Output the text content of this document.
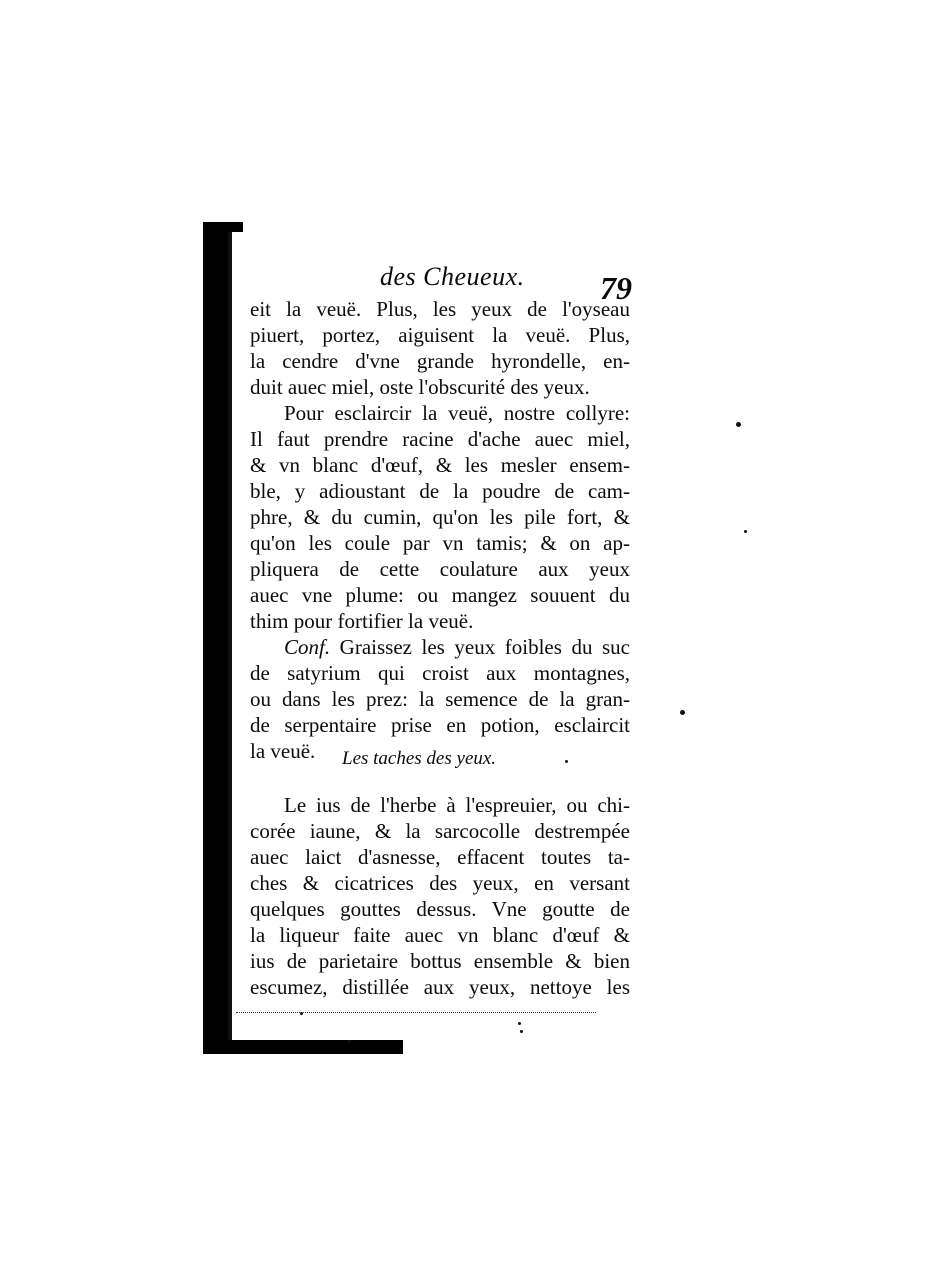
des Cheueux. 79
eit la veuë. Plus, les yeux de l'oyseau
piuert, portez, aiguisent la veuë. Plus,
la cendre d'vne grande hyrondelle, en-
duit auec miel, oste l'obscurité des yeux.
Pour esclaircir la veuë, nostre collyre:
Il faut prendre racine d'ache auec miel,
& vn blanc d'œuf, & les mesler ensem-
ble, y adioustant de la poudre de cam-
phre, & du cumin, qu'on les pile fort, &
qu'on les coule par vn tamis; & on ap-
pliquera de cette coulature aux yeux
auec vne plume: ou mangez souuent du
thim pour fortifier la veuë.
Conf. Graissez les yeux foibles du suc
de satyrium qui croist aux montagnes,
ou dans les prez: la semence de la gran-
de serpentaire prise en potion, esclaircit
la veuë.	Les taches des yeux.
Le ius de l'herbe à l'espreuier, ou chi-
corée iaune, & la sarcocolle destrempée
auec laict d'asnesse, effacent toutes ta-
ches & cicatrices des yeux, en versant
quelques gouttes dessus. Vne goutte de
la liqueur faite auec vn blanc d'œuf &
ius de parietaire bottus ensemble & bien
escumez, distillée aux yeux, nettoye les
